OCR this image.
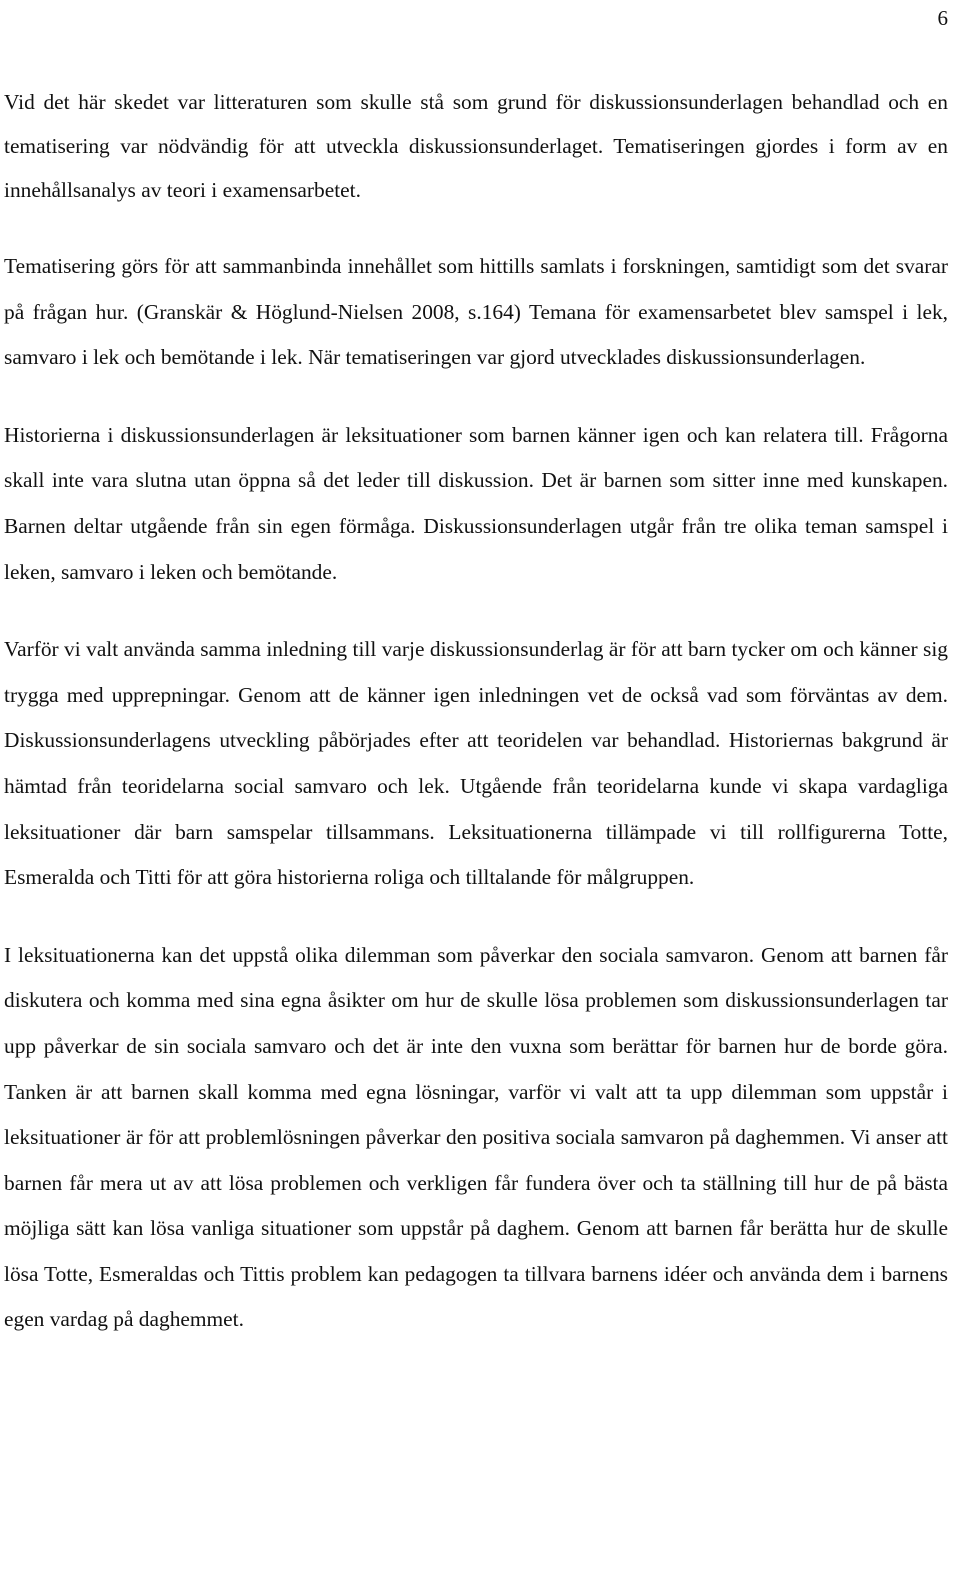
6

Vid det här skedet var litteraturen som skulle stå som grund för diskussionsunderlagen behandlad och en tematisering var nödvändig för att utveckla diskussionsunderlaget. Tematiseringen gjordes i form av en innehållsanalys av teori i examensarbetet.

Tematisering görs för att sammanbinda innehållet som hittills samlats i forskningen, samtidigt som det svarar på frågan hur. (Granskär & Höglund-Nielsen 2008, s.164) Temana för examensarbetet blev samspel i lek, samvaro i lek och bemötande i lek. När tematiseringen var gjord utvecklades diskussionsunderlagen.

Historierna i diskussionsunderlagen är leksituationer som barnen känner igen och kan relatera till. Frågorna skall inte vara slutna utan öppna så det leder till diskussion. Det är barnen som sitter inne med kunskapen. Barnen deltar utgående från sin egen förmåga. Diskussionsunderlagen utgår från tre olika teman samspel i leken, samvaro i leken och bemötande.

Varför vi valt använda samma inledning till varje diskussionsunderlag är för att barn tycker om och känner sig trygga med upprepningar. Genom att de känner igen inledningen vet de också vad som förväntas av dem. Diskussionsunderlagens utveckling påbörjades efter att teoridelen var behandlad. Historiernas bakgrund är hämtad från teoridelarna social samvaro och lek. Utgående från teoridelarna kunde vi skapa vardagliga leksituationer där barn samspelar tillsammans. Leksituationerna tillämpade vi till rollfigurerna Totte, Esmeralda och Titti för att göra historierna roliga och tilltalande för målgruppen.

I leksituationerna kan det uppstå olika dilemman som påverkar den sociala samvaron. Genom att barnen får diskutera och komma med sina egna åsikter om hur de skulle lösa problemen som diskussionsunderlagen tar upp påverkar de sin sociala samvaro och det är inte den vuxna som berättar för barnen hur de borde göra. Tanken är att barnen skall komma med egna lösningar, varför vi valt att ta upp dilemman som uppstår i leksituationer är för att problemlösningen påverkar den positiva sociala samvaron på daghemmen. Vi anser att barnen får mera ut av att lösa problemen och verkligen får fundera över och ta ställning till hur de på bästa möjliga sätt kan lösa vanliga situationer som uppstår på daghem. Genom att barnen får berätta hur de skulle lösa Totte, Esmeraldas och Tittis problem kan pedagogen ta tillvara barnens idéer och använda dem i barnens egen vardag på daghemmet.
